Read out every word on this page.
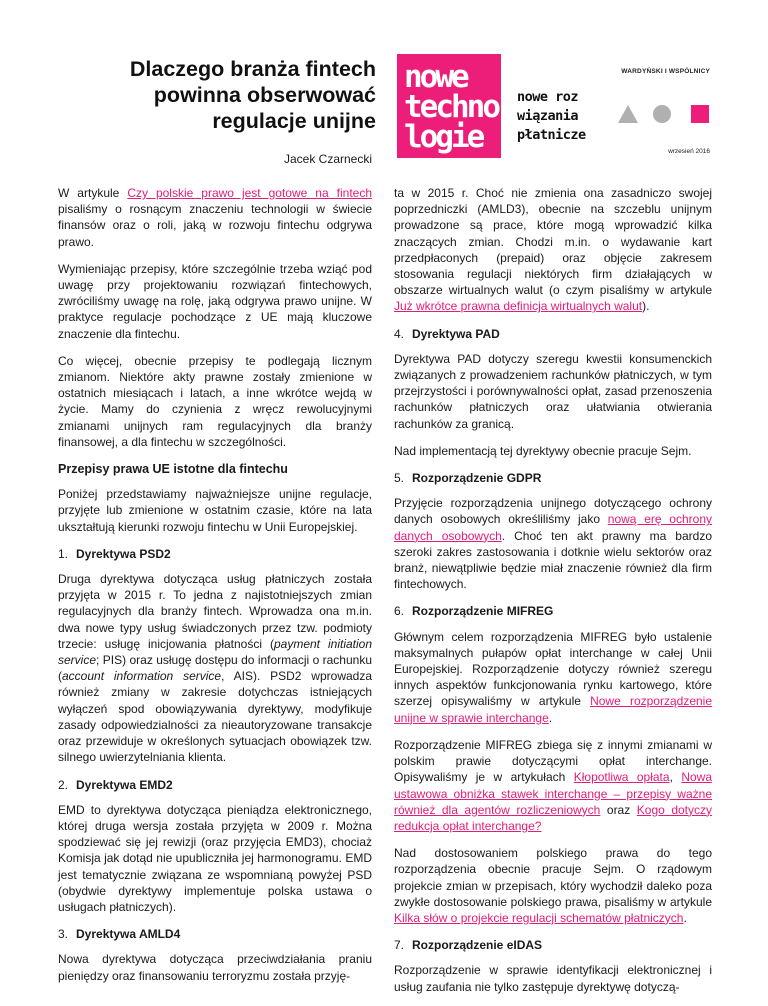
Dlaczego branża fintech
powinna obserwować
regulacje unijne
Jacek Czarnecki
nowe
techno
logie
nowe roz
wiązania
płatnicze
WARDYŃSKI I WSPÓLNICY
wrzesień 2016

W artykule Czy polskie prawo jest gotowe na fintech pisaliśmy o rosnącym znaczeniu technologii w świecie finansów oraz o roli, jaką w rozwoju fintechu odgrywa prawo.

Wymieniając przepisy, które szczególnie trzeba wziąć pod uwagę przy projektowaniu rozwiązań fintechowych, zwróciliśmy uwagę na rolę, jaką odgrywa prawo unijne. W praktyce regulacje pochodzące z UE mają kluczowe znaczenie dla fintechu.

Co więcej, obecnie przepisy te podlegają licznym zmianom. Niektóre akty prawne zostały zmienione w ostatnich miesiącach i latach, a inne wkrótce wejdą w życie. Mamy do czynienia z wręcz rewolucyjnymi zmianami unijnych ram regulacyjnych dla branży finansowej, a dla fintechu w szczególności.

Przepisy prawa UE istotne dla fintechu

Poniżej przedstawiamy najważniejsze unijne regulacje, przyjęte lub zmienione w ostatnim czasie, które na lata ukształtują kierunki rozwoju fintechu w Unii Europejskiej.

1. Dyrektywa PSD2

Druga dyrektywa dotycząca usług płatniczych została przyjęta w 2015 r. To jedna z najistotniejszych zmian regulacyjnych dla branży fintech. Wprowadza ona m.in. dwa nowe typy usług świadczonych przez tzw. podmioty trzecie: usługę inicjowania płatności (payment initiation service; PIS) oraz usługę dostępu do informacji o rachunku (account information service, AIS). PSD2 wprowadza również zmiany w zakresie dotychczas istniejących wyłączeń spod obowiązywania dyrektywy, modyfikuje zasady odpowiedzialności za nieautoryzowane transakcje oraz przewiduje w określonych sytuacjach obowiązek tzw. silnego uwierzytelniania klienta.

2. Dyrektywa EMD2

EMD to dyrektywa dotycząca pieniądza elektronicznego, której druga wersja została przyjęta w 2009 r. Można spodziewać się jej rewizji (oraz przyjęcia EMD3), chociaż Komisja jak dotąd nie upubliczniła jej harmonogramu. EMD jest tematycznie związana ze wspomnianą powyżej PSD (obydwie dyrektywy implementuje polska ustawa o usługach płatniczych).

3. Dyrektywa AMLD4

Nowa dyrektywa dotycząca przeciwdziałania praniu pieniędzy oraz finansowaniu terroryzmu została przyję-

ta w 2015 r. Choć nie zmienia ona zasadniczo swojej poprzedniczki (AMLD3), obecnie na szczeblu unijnym prowadzone są prace, które mogą wprowadzić kilka znaczących zmian. Chodzi m.in. o wydawanie kart przedpłaconych (prepaid) oraz objęcie zakresem stosowania regulacji niektórych firm działających w obszarze wirtualnych walut (o czym pisaliśmy w artykule Już wkrótce prawna definicja wirtualnych walut).

4. Dyrektywa PAD

Dyrektywa PAD dotyczy szeregu kwestii konsumenckich związanych z prowadzeniem rachunków płatniczych, w tym przejrzystości i porównywalności opłat, zasad przenoszenia rachunków płatniczych oraz ułatwiania otwierania rachunków za granicą.

Nad implementacją tej dyrektywy obecnie pracuje Sejm.

5. Rozporządzenie GDPR

Przyjęcie rozporządzenia unijnego dotyczącego ochrony danych osobowych określiliśmy jako nową erę ochrony danych osobowych. Choć ten akt prawny ma bardzo szeroki zakres zastosowania i dotknie wielu sektorów oraz branż, niewątpliwie będzie miał znaczenie również dla firm fintechowych.

6. Rozporządzenie MIFREG

Głównym celem rozporządzenia MIFREG było ustalenie maksymalnych pułapów opłat interchange w całej Unii Europejskiej. Rozporządzenie dotyczy również szeregu innych aspektów funkcjonowania rynku kartowego, które szerzej opisywaliśmy w artykule Nowe rozporządzenie unijne w sprawie interchange.

Rozporządzenie MIFREG zbiega się z innymi zmianami w polskim prawie dotyczącymi opłat interchange. Opisywaliśmy je w artykułach Kłopotliwa opłata, Nowa ustawowa obniżka stawek interchange – przepisy ważne również dla agentów rozliczeniowych oraz Kogo dotyczy redukcja opłat interchange?

Nad dostosowaniem polskiego prawa do tego rozporządzenia obecnie pracuje Sejm. O rządowym projekcie zmian w przepisach, który wychodził daleko poza zwykłe dostosowanie polskiego prawa, pisaliśmy w artykule Kilka słów o projekcie regulacji schematów płatniczych.

7. Rozporządzenie eIDAS

Rozporządzenie w sprawie identyfikacji elektronicznej i usług zaufania nie tylko zastępuje dyrektywę dotyczą-
